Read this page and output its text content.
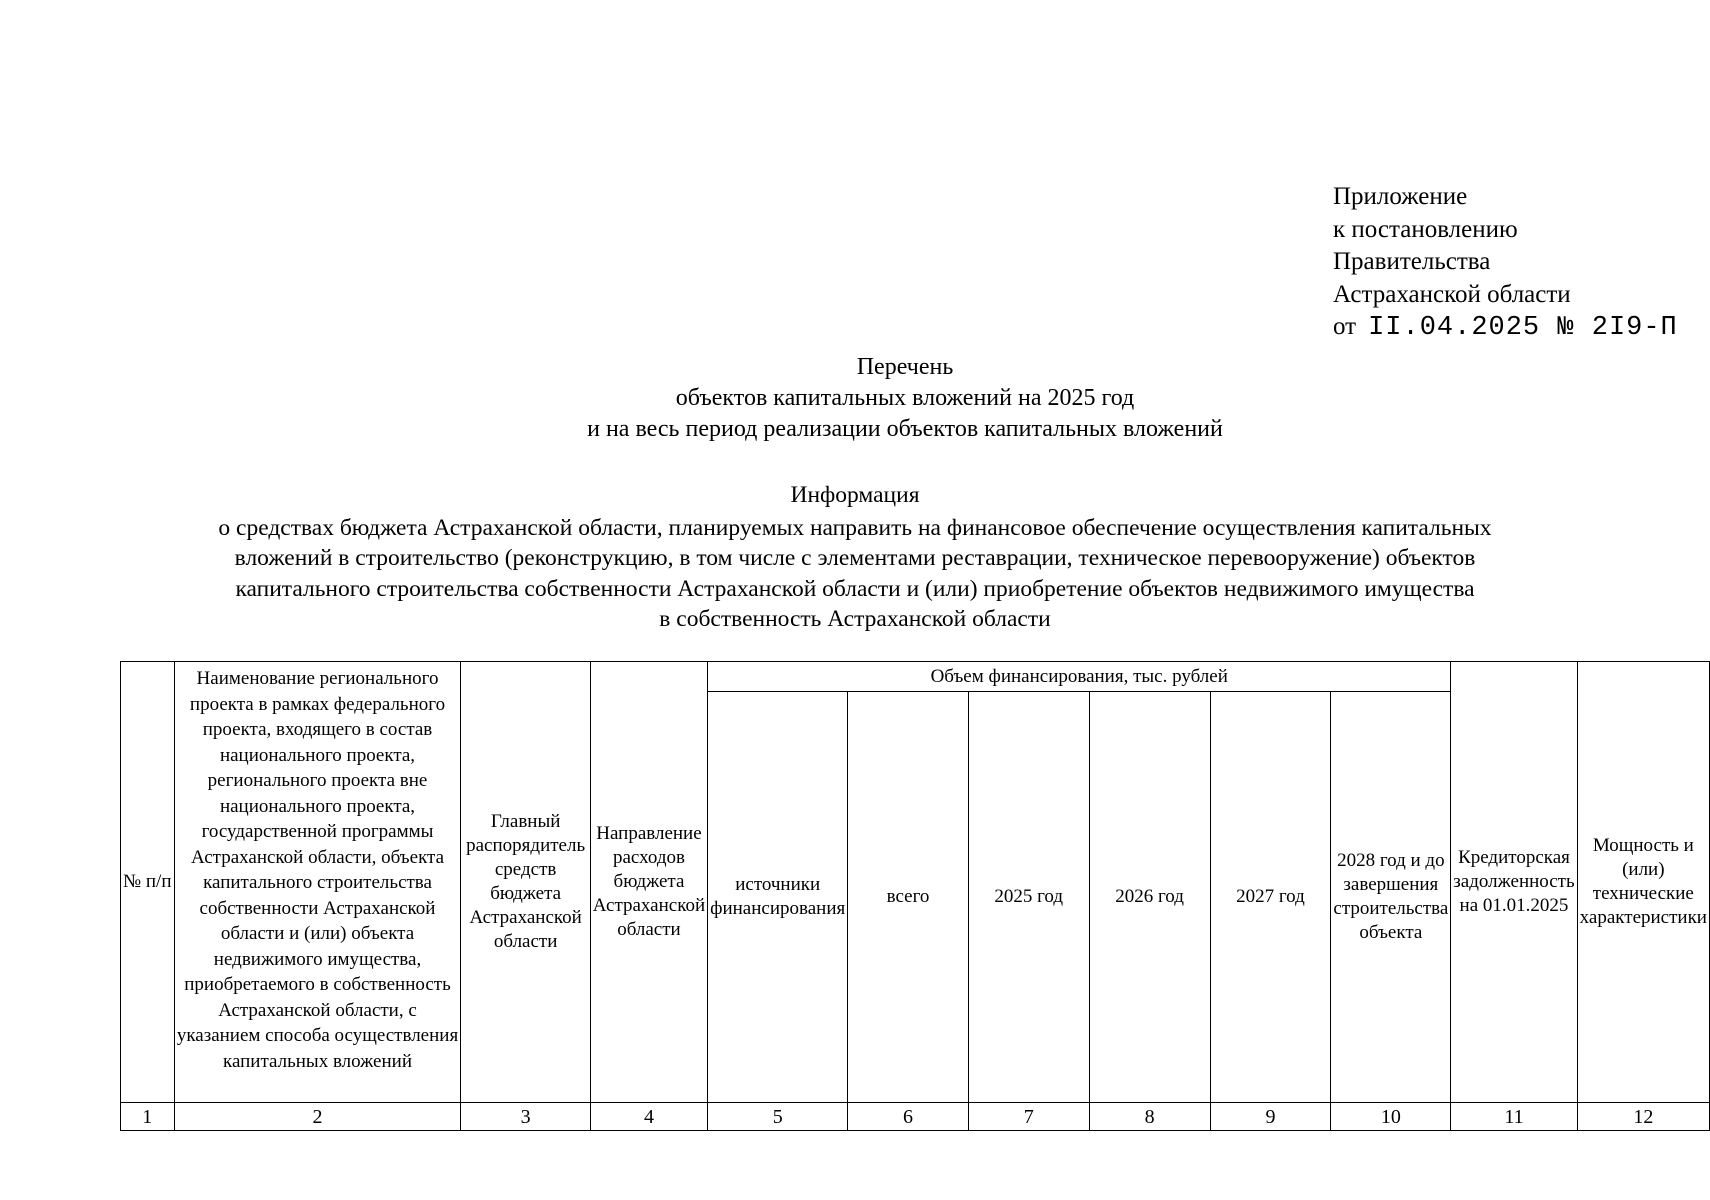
Приложение
к постановлению
Правительства
Астраханской области
от II.04.2025 № 2I9-П
Перечень
объектов капитальных вложений на 2025 год
и на весь период реализации объектов капитальных вложений
Информация
о средствах бюджета Астраханской области, планируемых направить на финансовое обеспечение осуществления капитальных
вложений в строительство (реконструкцию, в том числе с элементами реставрации, техническое перевооружение) объектов
капитального строительства собственности Астраханской области и (или) приобретение объектов недвижимого имущества
в собственность Астраханской области
№ п/п	Наименование регионального проекта в рамках федерального проекта, входящего в состав национального проекта, регионального проекта вне национального проекта, государственной программы Астраханской области, объекта капитального строительства собственности Астраханской области и (или) объекта недвижимого имущества, приобретаемого в собственность Астраханской области, с указанием способа осуществления капитальных вложений	Главный распорядитель средств бюджета Астраханской области	Направление расходов бюджета Астраханской области	Объем финансирования, тыс. рублей						Кредиторская задолженность на 01.01.2025	Мощность и (или) технические характеристики
				источники финансирования	всего	2025 год	2026 год	2027 год	2028 год и до завершения строительства объекта		
1	2	3	4	5	6	7	8	9	10	11	12
